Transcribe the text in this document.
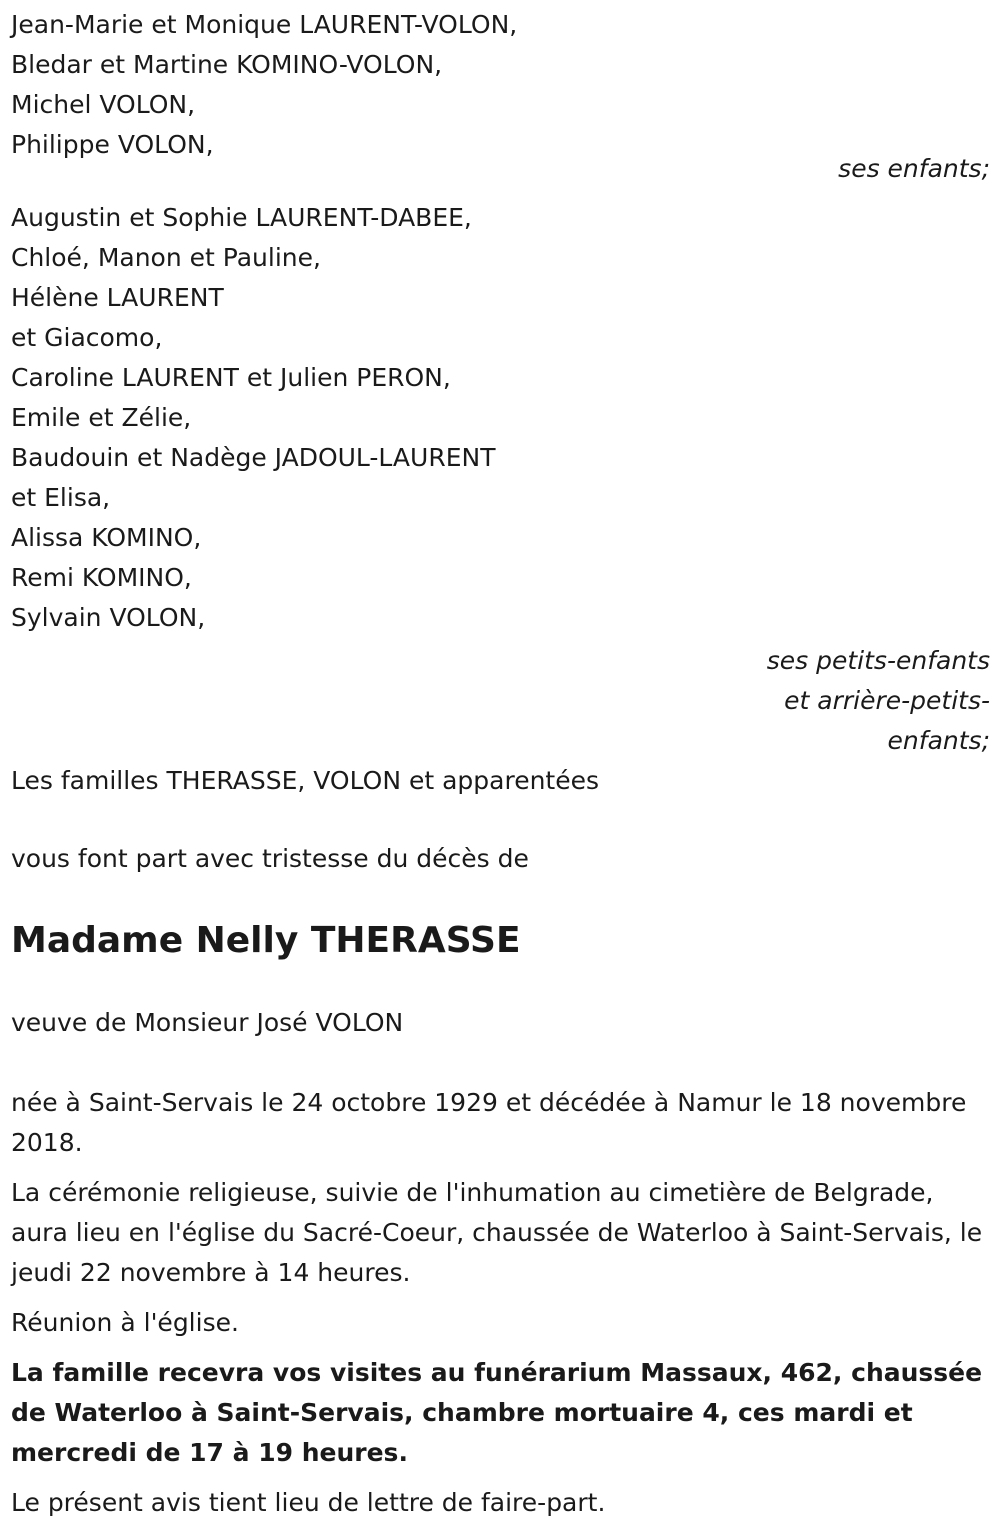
Jean-Marie et Monique LAURENT-VOLON,
Bledar et Martine KOMINO-VOLON,
Michel VOLON,
Philippe VOLON,
ses enfants;
Augustin et Sophie LAURENT-DABEE,
Chloé, Manon et Pauline,
Hélène LAURENT
et Giacomo,
Caroline LAURENT et Julien PERON,
Emile et Zélie,
Baudouin et Nadège JADOUL-LAURENT
et Elisa,
Alissa KOMINO,
Remi KOMINO,
Sylvain VOLON,
ses petits-enfants
et arrière-petits-
enfants;
Les familles THERASSE, VOLON et apparentées
vous font part avec tristesse du décès de
Madame Nelly THERASSE
veuve de Monsieur José VOLON
née à Saint-Servais le 24 octobre 1929 et décédée à Namur le 18 novembre 2018.
La cérémonie religieuse, suivie de l'inhumation au cimetière de Belgrade, aura lieu en l'église du Sacré-Coeur, chaussée de Waterloo à Saint-Servais, le jeudi 22 novembre à 14 heures.
Réunion à l'église.
La famille recevra vos visites au funérarium Massaux, 462, chaussée de Waterloo à Saint-Servais, chambre mortuaire 4, ces mardi et mercredi de 17 à 19 heures.
Le présent avis tient lieu de lettre de faire-part.
